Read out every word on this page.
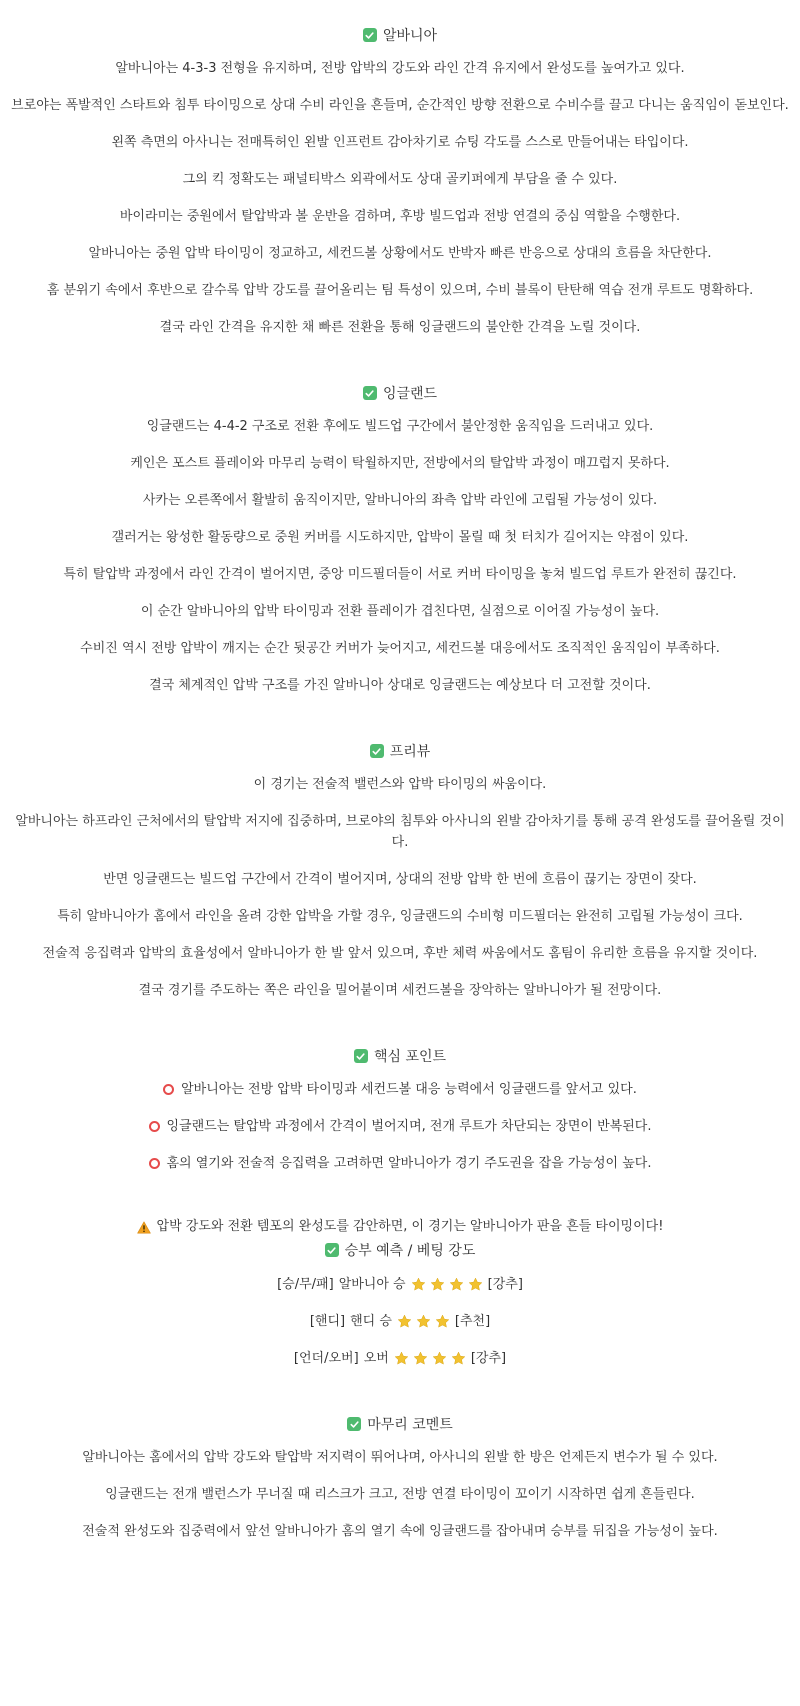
알바니아

알바니아는 4-3-3 전형을 유지하며, 전방 압박의 강도와 라인 간격 유지에서 완성도를 높여가고 있다.

브로야는 폭발적인 스타트와 침투 타이밍으로 상대 수비 라인을 흔들며, 순간적인 방향 전환으로 수비수를 끌고 다니는 움직임이 돋보인다.

왼쪽 측면의 아사니는 전매특허인 왼발 인프런트 감아차기로 슈팅 각도를 스스로 만들어내는 타입이다.

그의 킥 정확도는 패널티박스 외곽에서도 상대 골키퍼에게 부담을 줄 수 있다.

바이라미는 중원에서 탈압박과 볼 운반을 겸하며, 후방 빌드업과 전방 연결의 중심 역할을 수행한다.

알바니아는 중원 압박 타이밍이 정교하고, 세컨드볼 상황에서도 반박자 빠른 반응으로 상대의 흐름을 차단한다.

홈 분위기 속에서 후반으로 갈수록 압박 강도를 끌어올리는 팀 특성이 있으며, 수비 블록이 탄탄해 역습 전개 루트도 명확하다.

결국 라인 간격을 유지한 채 빠른 전환을 통해 잉글랜드의 불안한 간격을 노릴 것이다.

잉글랜드

잉글랜드는 4-4-2 구조로 전환 후에도 빌드업 구간에서 불안정한 움직임을 드러내고 있다.

케인은 포스트 플레이와 마무리 능력이 탁월하지만, 전방에서의 탈압박 과정이 매끄럽지 못하다.

사카는 오른쪽에서 활발히 움직이지만, 알바니아의 좌측 압박 라인에 고립될 가능성이 있다.

갤러거는 왕성한 활동량으로 중원 커버를 시도하지만, 압박이 몰릴 때 첫 터치가 길어지는 약점이 있다.

특히 탈압박 과정에서 라인 간격이 벌어지면, 중앙 미드필더들이 서로 커버 타이밍을 놓쳐 빌드업 루트가 완전히 끊긴다.

이 순간 알바니아의 압박 타이밍과 전환 플레이가 겹친다면, 실점으로 이어질 가능성이 높다.

수비진 역시 전방 압박이 깨지는 순간 뒷공간 커버가 늦어지고, 세컨드볼 대응에서도 조직적인 움직임이 부족하다.

결국 체계적인 압박 구조를 가진 알바니아 상대로 잉글랜드는 예상보다 더 고전할 것이다.

프리뷰

이 경기는 전술적 밸런스와 압박 타이밍의 싸움이다.

알바니아는 하프라인 근처에서의 탈압박 저지에 집중하며, 브로야의 침투와 아사니의 왼발 감아차기를 통해 공격 완성도를 끌어올릴 것이다.

반면 잉글랜드는 빌드업 구간에서 간격이 벌어지며, 상대의 전방 압박 한 번에 흐름이 끊기는 장면이 잦다.

특히 알바니아가 홈에서 라인을 올려 강한 압박을 가할 경우, 잉글랜드의 수비형 미드필더는 완전히 고립될 가능성이 크다.

전술적 응집력과 압박의 효율성에서 알바니아가 한 발 앞서 있으며, 후반 체력 싸움에서도 홈팀이 유리한 흐름을 유지할 것이다.

결국 경기를 주도하는 쪽은 라인을 밀어붙이며 세컨드볼을 장악하는 알바니아가 될 전망이다.

핵심 포인트
알바니아는 전방 압박 타이밍과 세컨드볼 대응 능력에서 잉글랜드를 앞서고 있다.
잉글랜드는 탈압박 과정에서 간격이 벌어지며, 전개 루트가 차단되는 장면이 반복된다.
홈의 열기와 전술적 응집력을 고려하면 알바니아가 경기 주도권을 잡을 가능성이 높다.
압박 강도와 전환 템포의 완성도를 감안하면, 이 경기는 알바니아가 판을 흔들 타이밍이다!
승부 예측 / 베팅 강도
[승/무/패] 알바니아 승	[강추]
[핸디] 핸디 승	[추천]
[언더/오버] 오버	[강추]
마무리 코멘트

알바니아는 홈에서의 압박 강도와 탈압박 저지력이 뛰어나며, 아사니의 왼발 한 방은 언제든지 변수가 될 수 있다.

잉글랜드는 전개 밸런스가 무너질 때 리스크가 크고, 전방 연결 타이밍이 꼬이기 시작하면 쉽게 흔들린다.

전술적 완성도와 집중력에서 앞선 알바니아가 홈의 열기 속에 잉글랜드를 잡아내며 승부를 뒤집을 가능성이 높다.
